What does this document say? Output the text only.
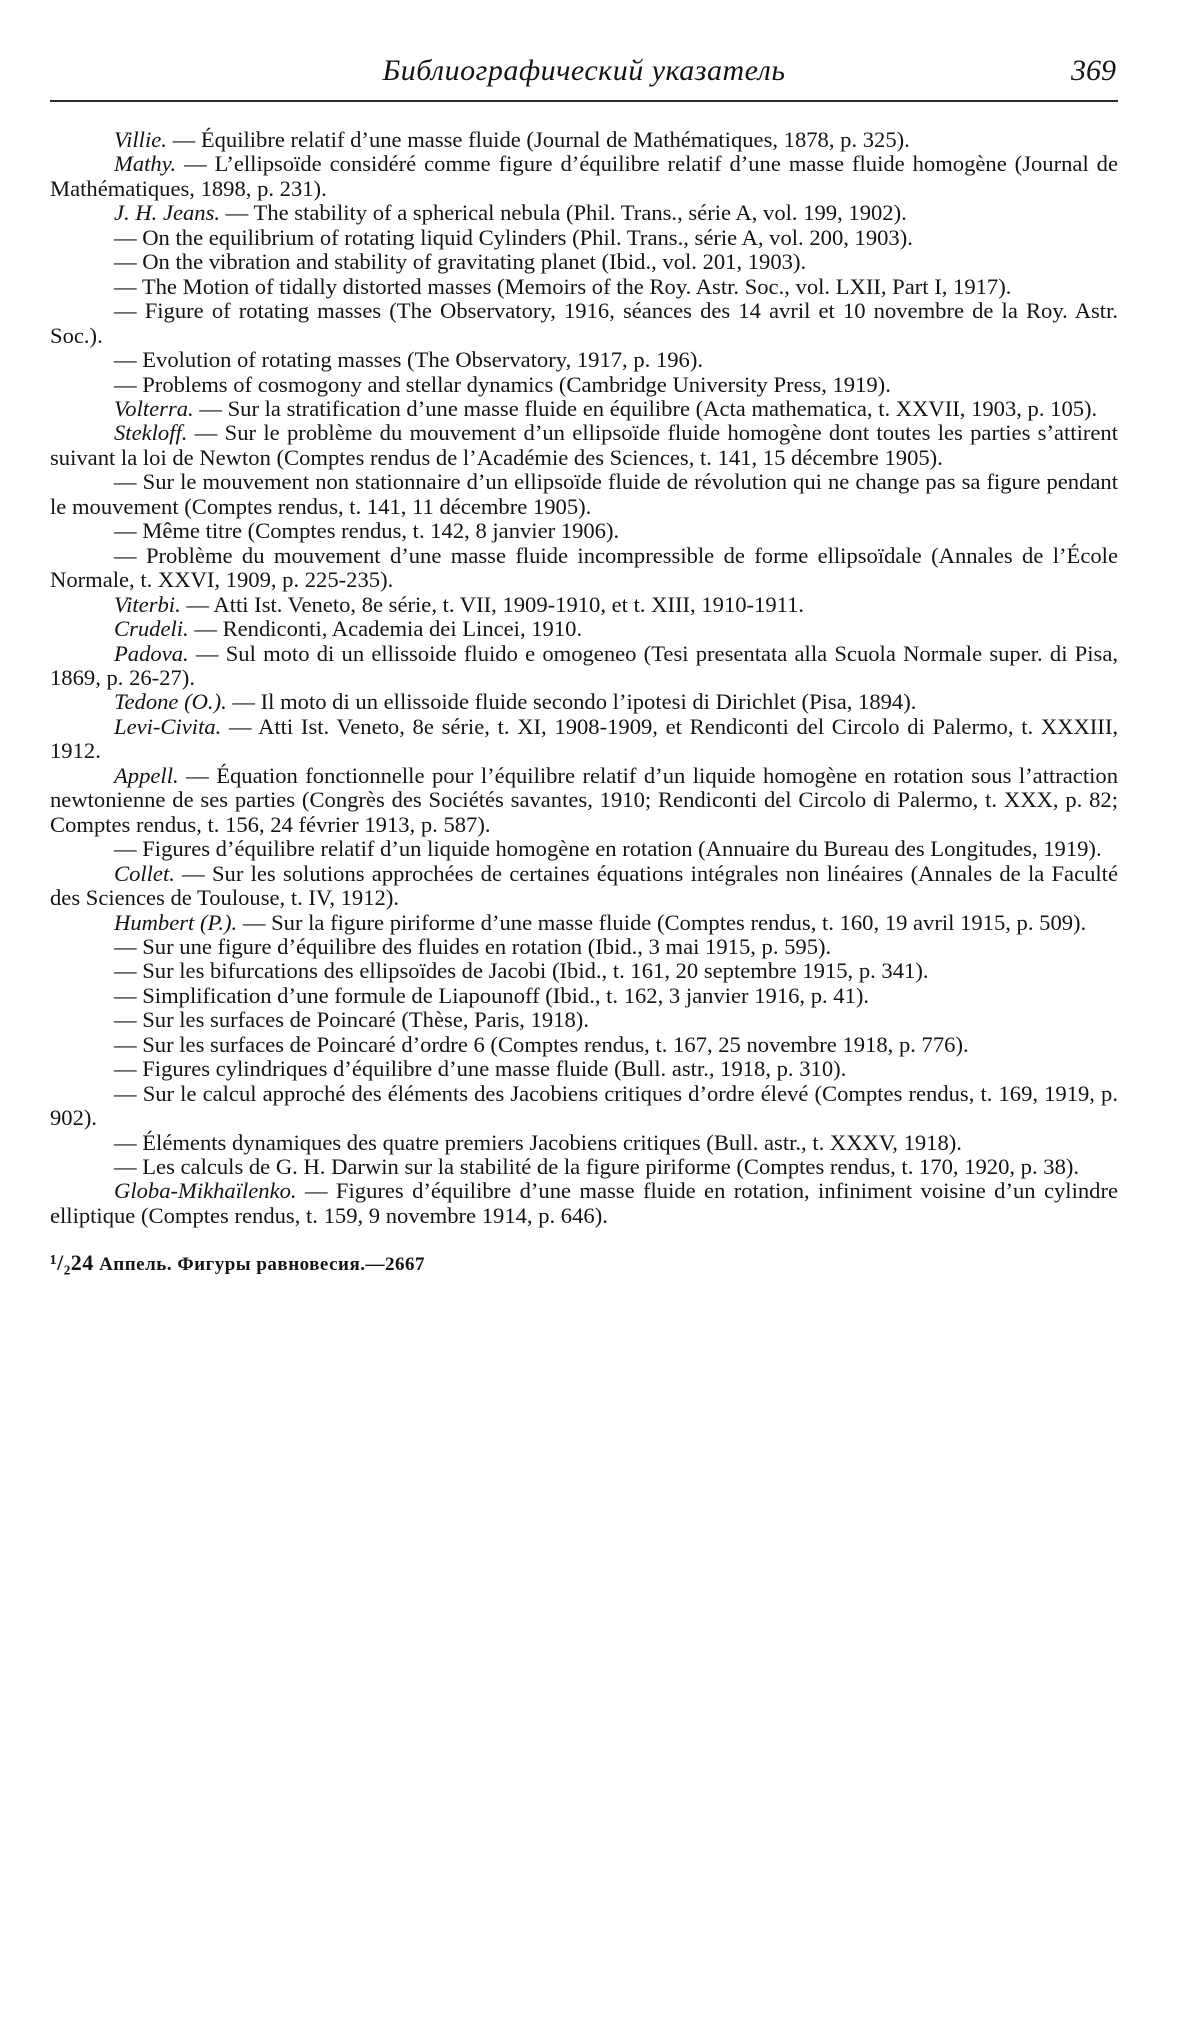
Библиографический указатель	369

Villie. — Équilibre relatif d’une masse fluide (Journal de Mathématiques, 1878, p. 325).

Mathy. — L’ellipsoïde considéré comme figure d’équilibre relatif d’une masse fluide homogène (Journal de Mathématiques, 1898, p. 231).

J. H. Jeans. — The stability of a spherical nebula (Phil. Trans., série A, vol. 199, 1902).

— On the equilibrium of rotating liquid Cylinders (Phil. Trans., série A, vol. 200, 1903).

— On the vibration and stability of gravitating planet (Ibid., vol. 201, 1903).

— The Motion of tidally distorted masses (Memoirs of the Roy. Astr. Soc., vol. LXII, Part I, 1917).

— Figure of rotating masses (The Observatory, 1916, séances des 14 avril et 10 novembre de la Roy. Astr. Soc.).

— Evolution of rotating masses (The Observatory, 1917, p. 196).

— Problems of cosmogony and stellar dynamics (Cambridge University Press, 1919).

Volterra. — Sur la stratification d’une masse fluide en équilibre (Acta mathematica, t. XXVII, 1903, p. 105).

Stekloff. — Sur le problème du mouvement d’un ellipsoïde fluide homogène dont toutes les parties s’attirent suivant la loi de Newton (Comptes rendus de l’Académie des Sciences, t. 141, 15 décembre 1905).

— Sur le mouvement non stationnaire d’un ellipsoïde fluide de révolution qui ne change pas sa figure pendant le mouvement (Comptes rendus, t. 141, 11 décembre 1905).

— Même titre (Comptes rendus, t. 142, 8 janvier 1906).

— Problème du mouvement d’une masse fluide incompressible de forme ellipsoïdale (Annales de l’École Normale, t. XXVI, 1909, p. 225-235).

Viterbi. — Atti Ist. Veneto, 8e série, t. VII, 1909-1910, et t. XIII, 1910-1911.

Crudeli. — Rendiconti, Academia dei Lincei, 1910.

Padova. — Sul moto di un ellissoide fluido e omogeneo (Tesi presentata alla Scuola Normale super. di Pisa, 1869, p. 26-27).

Tedone (O.). — Il moto di un ellissoide fluide secondo l’ipotesi di Dirichlet (Pisa, 1894).

Levi-Civita. — Atti Ist. Veneto, 8e série, t. XI, 1908-1909, et Rendiconti del Circolo di Palermo, t. XXXIII, 1912.

Appell. — Équation fonctionnelle pour l’équilibre relatif d’un liquide homogène en rotation sous l’attraction newtonienne de ses parties (Congrès des Sociétés savantes, 1910; Rendiconti del Circolo di Palermo, t. XXX, p. 82; Comptes rendus, t. 156, 24 février 1913, p. 587).

— Figures d’équilibre relatif d’un liquide homogène en rotation (Annuaire du Bureau des Longitudes, 1919).

Collet. — Sur les solutions approchées de certaines équations intégrales non linéaires (Annales de la Faculté des Sciences de Toulouse, t. IV, 1912).

Humbert (P.). — Sur la figure piriforme d’une masse fluide (Comptes rendus, t. 160, 19 avril 1915, p. 509).

— Sur une figure d’équilibre des fluides en rotation (Ibid., 3 mai 1915, p. 595).

— Sur les bifurcations des ellipsoïdes de Jacobi (Ibid., t. 161, 20 septembre 1915, p. 341).

— Simplification d’une formule de Liapounoff (Ibid., t. 162, 3 janvier 1916, p. 41).

— Sur les surfaces de Poincaré (Thèse, Paris, 1918).

— Sur les surfaces de Poincaré d’ordre 6 (Comptes rendus, t. 167, 25 novembre 1918, p. 776).

— Figures cylindriques d’équilibre d’une masse fluide (Bull. astr., 1918, p. 310).

— Sur le calcul approché des éléments des Jacobiens critiques d’ordre élevé (Comptes rendus, t. 169, 1919, p. 902).

— Éléments dynamiques des quatre premiers Jacobiens critiques (Bull. astr., t. XXXV, 1918).

— Les calculs de G. H. Darwin sur la stabilité de la figure piriforme (Comptes rendus, t. 170, 1920, p. 38).

Globa-Mikhaïlenko. — Figures d’équilibre d’une masse fluide en rotation, infiniment voisine d’un cylindre elliptique (Comptes rendus, t. 159, 9 novembre 1914, p. 646).

¹/₂24 Аппель. Фигуры равновесия.—2667
